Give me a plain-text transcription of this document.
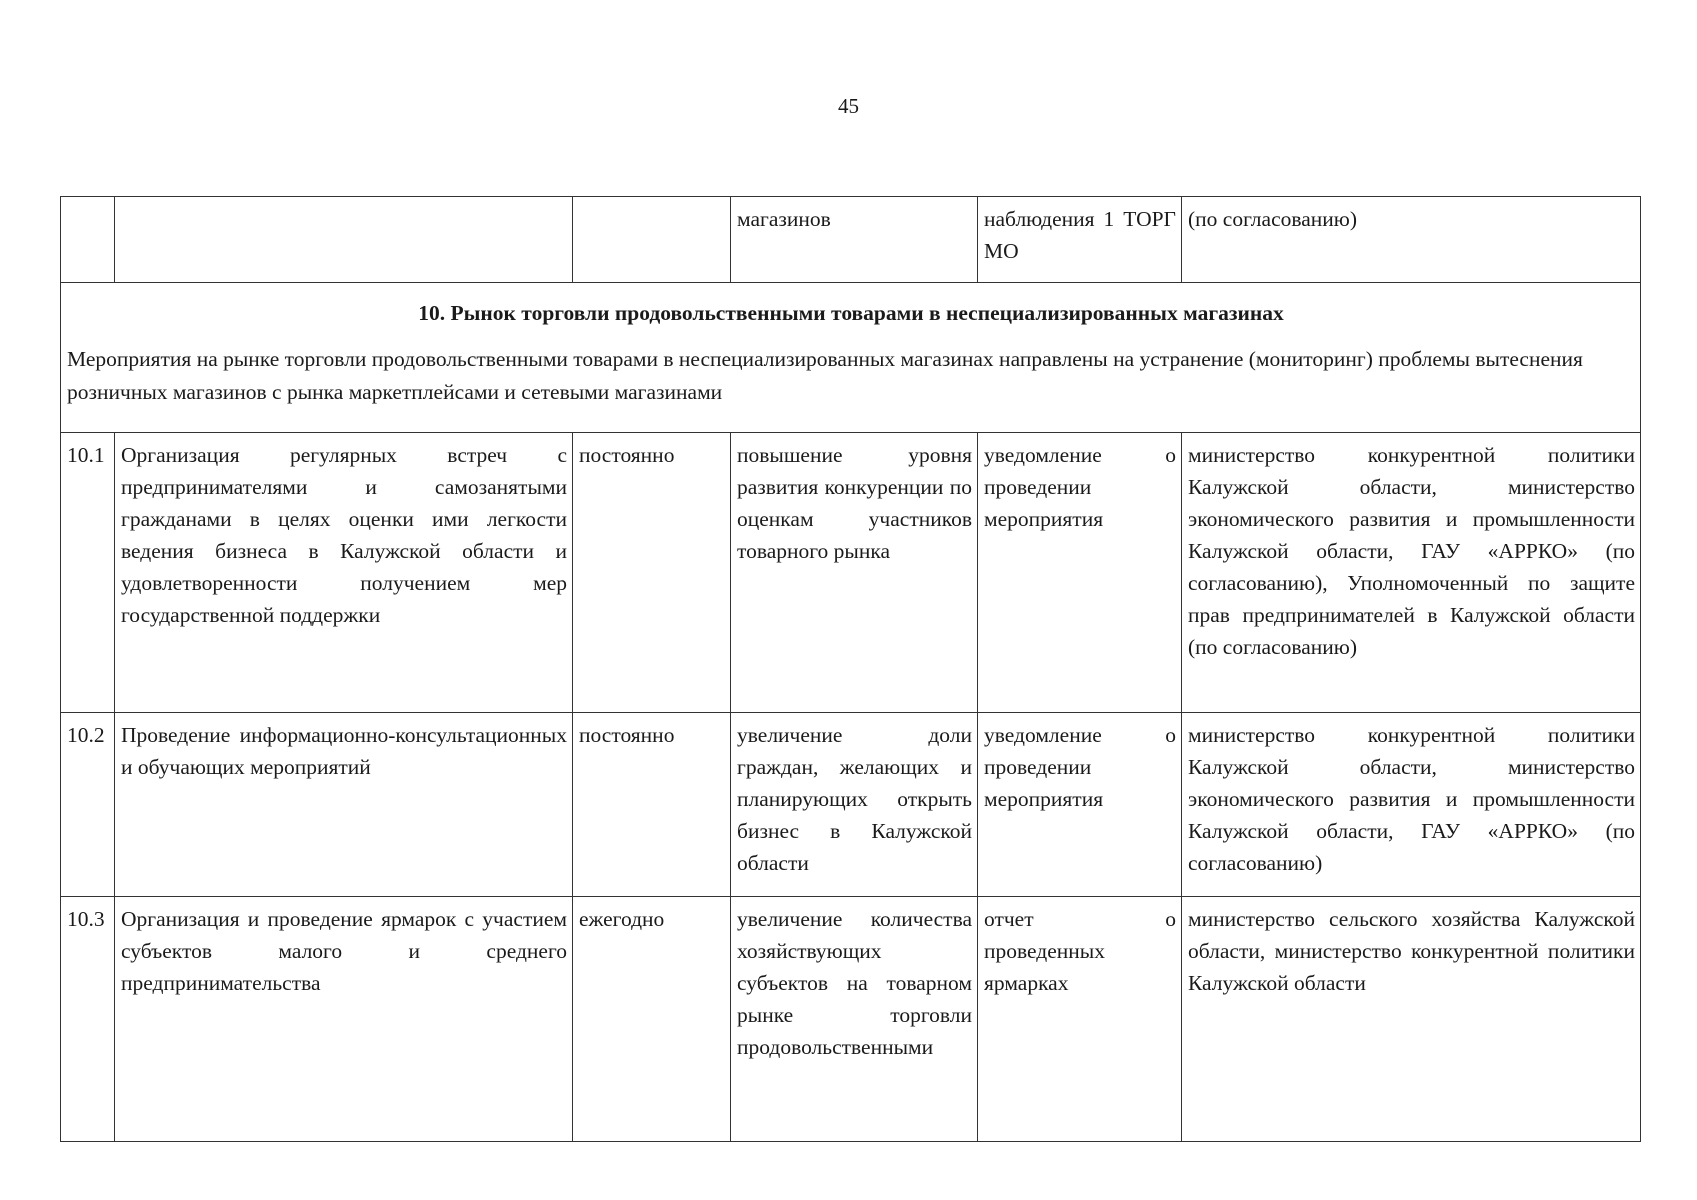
45
			магазинов	наблюдения 1 ТОРГ МО	(по согласованию)

10. Рынок торговли продовольственными товарами в неспециализированных магазинах
Мероприятия на рынке торговли продовольственными товарами в неспециализированных магазинах направлены на устранение (мониторинг) проблемы вытеснения розничных магазинов с рынка маркетплейсами и сетевыми магазинами					

10.1	Организация регулярных встреч с предпринимателями и самозанятыми гражданами в целях оценки ими легкости ведения бизнеса в Калужской области и удовлетворенности получением мер государственной поддержки	постоянно	повышение уровня развития конкуренции по оценкам участников товарного рынка	уведомление о проведении мероприятия	министерство конкурентной политики Калужской области, министерство экономического развития и промышленности Калужской области, ГАУ «АРРКО» (по согласованию), Уполномоченный по защите прав предпринимателей в Калужской области (по согласованию)
10.2	Проведение информационно-консультационных и обучающих мероприятий	постоянно	увеличение доли граждан, желающих и планирующих открыть бизнес в Калужской области	уведомление о проведении мероприятия	министерство конкурентной политики Калужской области, министерство экономического развития и промышленности Калужской области, ГАУ «АРРКО» (по согласованию)
10.3	Организация и проведение ярмарок с участием субъектов малого и среднего предпринимательства	ежегодно	увеличение количества хозяйствующих субъектов на товарном рынке торговли продовольственными	отчет о проведенных ярмарках	министерство сельского хозяйства Калужской области, министерство конкурентной политики Калужской области
